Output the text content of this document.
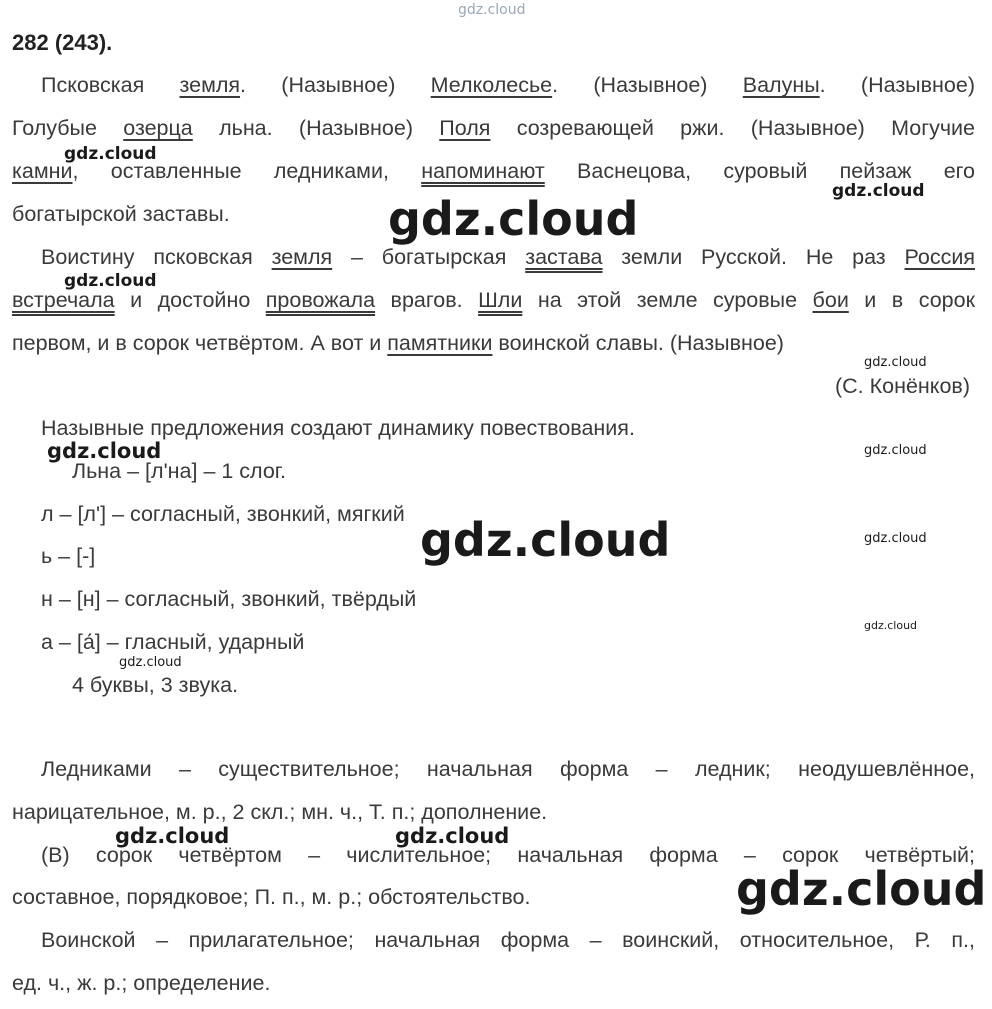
282 (243).
Псковская земля. (Назывное) Мелколесье. (Назывное) Валуны. (Назывное)
Голубые озерца льна. (Назывное) Поля созревающей ржи. (Назывное) Могучие
камни, оставленные ледниками, напоминают Васнецова, суровый пейзаж его
богатырской заставы.
Воистину псковская земля – богатырская застава земли Русской. Не раз Россия
встречала и достойно провожала врагов. Шли на этой земле суровые бои и в сорок
первом, и в сорок четвёртом. А вот и памятники воинской славы. (Назывное)
(С. Конёнков)
Назывные предложения создают динамику повествования.
Льна – [л'на] – 1 слог.
л – [л'] – согласный, звонкий, мягкий
ь – [-]
н – [н] – согласный, звонкий, твёрдый
а – [а́] – гласный, ударный
4 буквы, 3 звука.
Ледниками – существительное; начальная форма – ледник; неодушевлённое,
нарицательное, м. р., 2 скл.; мн. ч., Т. п.; дополнение.
(В) сорок четвёртом – числительное; начальная форма – сорок четвёртый;
составное, порядковое; П. п., м. р.; обстоятельство.
Воинской – прилагательное; начальная форма – воинский, относительное, Р. п.,
ед. ч., ж. р.; определение.
gdz.cloud
gdz.cloud
gdz.cloud
gdz.cloud
gdz.cloud
gdz.cloud
gdz.cloud	gdz.cloud
gdz.cloud	gdz.cloud
gdz.cloud
gdz.cloud
gdz.cloud	gdz.cloud
gdz.cloud
